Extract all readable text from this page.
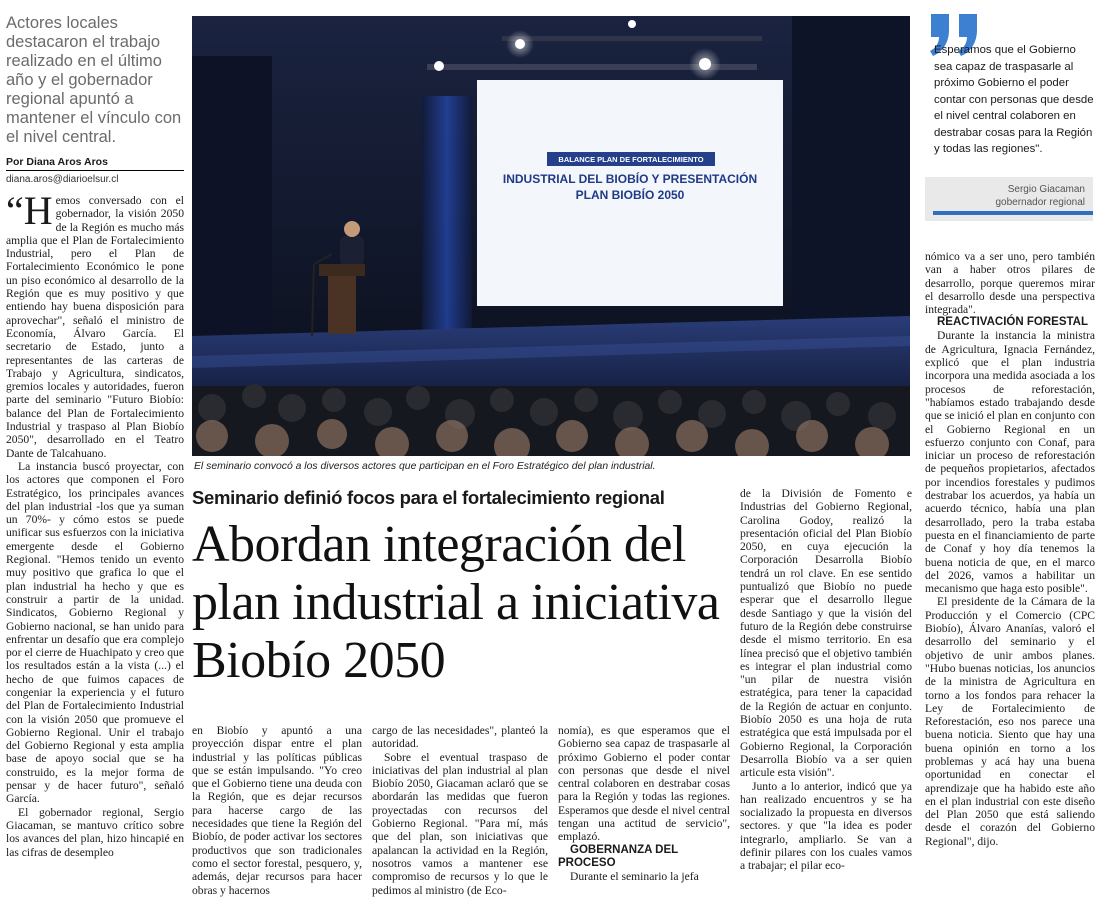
Actores locales destacaron el trabajo realizado en el último año y el gobernador regional apuntó a mantener el vínculo con el nivel central.
Por Diana Aros Aros
diana.aros@diarioelsur.cl

“Hemos conversado con el gobernador, la visión 2050 de la Región es mucho más amplia que el Plan de Fortalecimiento Industrial, pero el Plan de Fortalecimiento Económico le pone un piso económico al desarrollo de la Región que es muy positivo y que entiendo hay buena disposición para aprovechar", señaló el ministro de Economía, Álvaro García. El secretario de Estado, junto a representantes de las carteras de Trabajo y Agricultura, sindicatos, gremios locales y autoridades, fueron parte del seminario "Futuro Biobío: balance del Plan de Fortalecimiento Industrial y traspaso al Plan Biobío 2050", desarrollado en el Teatro Dante de Talcahuano.

La instancia buscó proyectar, con los actores que componen el Foro Estratégico, los principales avances del plan industrial -los que ya suman un 70%- y cómo estos se puede unificar sus esfuerzos con la iniciativa emergente desde el Gobierno Regional. "Hemos tenido un evento muy positivo que grafica lo que el plan industrial ha hecho y que es construir a partir de la unidad. Sindicatos, Gobierno Regional y Gobierno nacional, se han unido para enfrentar un desafío que era complejo por el cierre de Huachipato y creo que los resultados están a la vista (...) el hecho de que fuimos capaces de congeniar la experiencia y el futuro del Plan de Fortalecimiento Industrial con la visión 2050 que promueve el Gobierno Regional. Unir el trabajo del Gobierno Regional y esta amplia base de apoyo social que se ha construido, es la mejor forma de pensar y de hacer futuro", señaló García.

El gobernador regional, Sergio Giacaman, se mantuvo crítico sobre los avances del plan, hizo hincapié en las cifras de desempleo

BALANCE PLAN DE FORTALECIMIENTO
INDUSTRIAL DEL BIOBÍO Y PRESENTACIÓN
PLAN BIOBÍO 2050
El seminario convocó a los diversos actores que participan en el Foro Estratégico del plan industrial.
Seminario definió focos para el fortalecimiento regional
Abordan integración del plan industrial a iniciativa Biobío 2050

en Biobío y apuntó a una proyección dispar entre el plan industrial y las políticas públicas que se están impulsando. "Yo creo que el Gobierno tiene una deuda con la Región, que es dejar recursos para hacerse cargo de las necesidades que tiene la Región del Biobío, de poder activar los sectores productivos que son tradicionales como el sector forestal, pesquero, y, además, dejar recursos para hacer obras y hacernos

cargo de las necesidades", planteó la autoridad.

Sobre el eventual traspaso de iniciativas del plan industrial al plan Biobío 2050, Giacaman aclaró que se abordarán las medidas que fueron proyectadas con recursos del Gobierno Regional. "Para mí, más que del plan, son iniciativas que apalancan la actividad en la Región, nosotros vamos a mantener ese compromiso de recursos y lo que le pedimos al ministro (de Eco-

nomía), es que esperamos que el Gobierno sea capaz de traspasarle al próximo Gobierno el poder contar con personas que desde el nivel central colaboren en destrabar cosas para la Región y todas las regiones. Esperamos que desde el nivel central tengan una actitud de servicio", emplazó.

GOBERNANZA DEL PROCESO

Durante el seminario la jefa

de la División de Fomento e Industrias del Gobierno Regional, Carolina Godoy, realizó la presentación oficial del Plan Biobío 2050, en cuya ejecución la Corporación Desarrolla Biobío tendrá un rol clave. En ese sentido puntualizó que Biobío no puede esperar que el desarrollo llegue desde Santiago y que la visión del futuro de la Región debe construirse desde el mismo territorio. En esa línea precisó que el objetivo también es integrar el plan industrial como "un pilar de nuestra visión estratégica, para tener la capacidad de la Región de actuar en conjunto. Biobío 2050 es una hoja de ruta estratégica que está impulsada por el Gobierno Regional, la Corporación Desarrolla Biobío va a ser quien articule esta visión".

Junto a lo anterior, indicó que ya han realizado encuentros y se ha socializado la propuesta en diversos sectores. y que "la idea es poder integrarlo, ampliarlo. Se van a definir pilares con los cuales vamos a trabajar; el pilar eco-

Esperamos que el Gobierno sea capaz de traspasarle al próximo Gobierno el poder contar con personas que desde el nivel central colaboren en destrabar cosas para la Región y todas las regiones".
Sergio Giacaman
gobernador regional

nómico va a ser uno, pero también van a haber otros pilares de desarrollo, porque queremos mirar el desarrollo desde una perspectiva integrada".

REACTIVACIÓN FORESTAL

Durante la instancia la ministra de Agricultura, Ignacia Fernández, explicó que el plan industria incorpora una medida asociada a los procesos de reforestación, "habíamos estado trabajando desde que se inició el plan en conjunto con el Gobierno Regional en un esfuerzo conjunto con Conaf, para iniciar un proceso de reforestación de pequeños propietarios, afectados por incendios forestales y pudimos destrabar los acuerdos, ya había un acuerdo técnico, había una plan desarrollado, pero la traba estaba puesta en el financiamiento de parte de Conaf y hoy día tenemos la buena noticia de que, en el marco del 2026, vamos a habilitar un mecanismo que haga esto posible".

El presidente de la Cámara de la Producción y el Comercio (CPC Biobío), Álvaro Ananías, valoró el desarrollo del seminario y el objetivo de unir ambos planes. "Hubo buenas noticias, los anuncios de la ministra de Agricultura en torno a los fondos para rehacer la Ley de Fortalecimiento de Reforestación, eso nos parece una buena noticia. Siento que hay una buena opinión en torno a los problemas y acá hay una buena oportunidad en conectar el aprendizaje que ha habido este año en el plan industrial con este diseño del Plan 2050 que está saliendo desde el corazón del Gobierno Regional", dijo.
